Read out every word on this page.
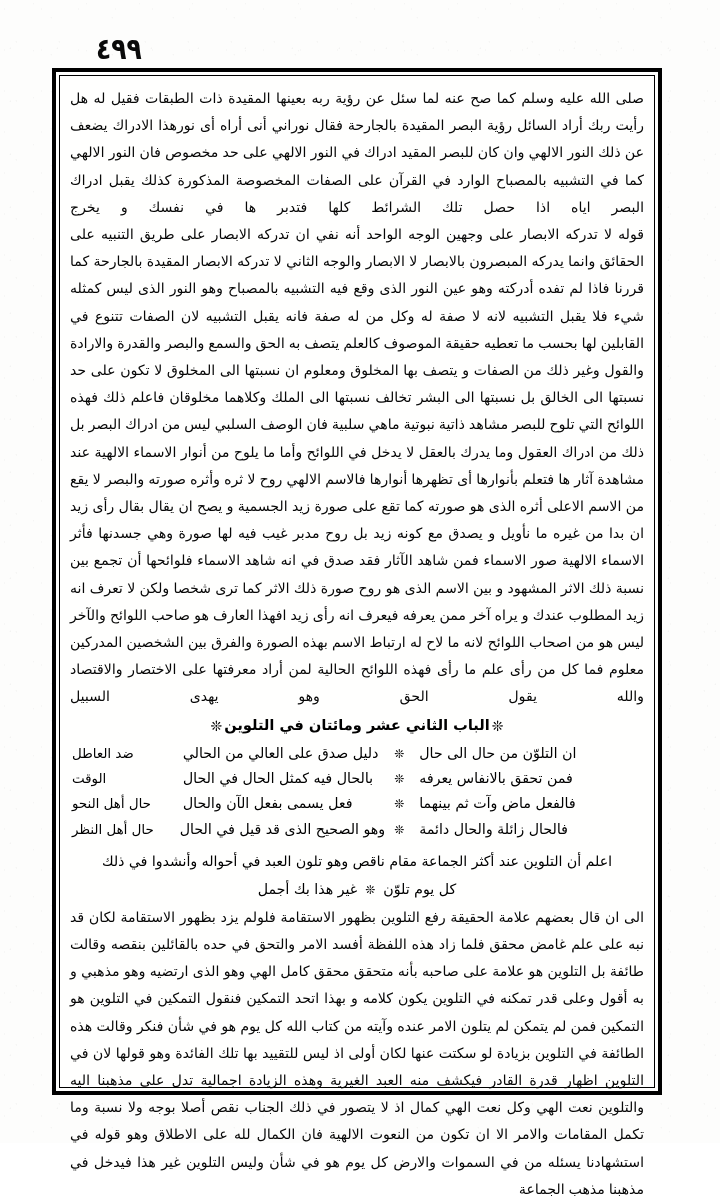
٤٩٩

صلى الله عليه وسلم كما صح عنه لما سئل عن رؤية ربه بعينها المقيدة ذات الطبقات فقيل له هل رأيت ربك أراد السائل رؤية البصر المقيدة بالجارحة فقال نوراني أنى أراه أى نورهذا الادراك يضعف عن ذلك النور الالهي وان كان للبصر المقيد ادراك في النور الالهي على حد مخصوص فان النور الالهي كما في التشبيه بالمصباح الوارد في القرآن على الصفات المخصوصة المذكورة كذلك يقبل ادراك البصر اياه اذا حصل تلك الشرائط كلها فتدبر ها في نفسك و يخرج

قوله لا تدركه الابصار على وجهين الوجه الواحد أنه نفي ان تدركه الابصار على طريق التنبيه على الحقائق وانما يدركه المبصرون بالابصار لا الابصار والوجه الثاني لا تدركه الابصار المقيدة بالجارحة كما قررنا فاذا لم تفده أدركته وهو عين النور الذى وقع فيه التشبيه بالمصباح وهو النور الذى ليس كمثله شيء فلا يقبل التشبيه لانه لا صفة له وكل من له صفة فانه يقبل التشبيه لان الصفات تتنوع في القابلين لها بحسب ما تعطيه حقيقة الموصوف كالعلم يتصف به الحق والسمع والبصر والقدرة والارادة والقول وغير ذلك من الصفات و يتصف بها المخلوق ومعلوم ان نسبتها الى المخلوق لا تكون على حد نسبتها الى الخالق بل نسبتها الى البشر تخالف نسبتها الى الملك وكلاهما مخلوقان فاعلم ذلك فهذه اللوائح التي تلوح للبصر مشاهد ذاتية نبوتية ماهي سلبية فان الوصف السلبي ليس من ادراك البصر بل ذلك من ادراك العقول وما يدرك بالعقل لا يدخل في اللوائح وأما ما يلوح من أنوار الاسماء الالهية عند مشاهدة آثار ها فتعلم بأنوارها أى تظهرها أنوارها فالاسم الالهي روح لا ثره وأثره صورته والبصر لا يقع من الاسم الاعلى أثره الذى هو صورته كما تقع على صورة زيد الجسمية و يصح ان يقال بقال رأى زيد ان بدا من غيره ما نأويل و يصدق مع كونه زيد بل روح مدبر غيب فيه لها صورة وهي جسدنها فأثر الاسماء الالهية صور الاسماء فمن شاهد الآثار فقد صدق في انه شاهد الاسماء فلوائحها أن تجمع بين نسبة ذلك الاثر المشهود و بين الاسم الذى هو روح صورة ذلك الاثر كما ترى شخصا ولكن لا تعرف انه زيد المطلوب عندك و يراه آخر ممن يعرفه فيعرف انه رأى زيد افهذا العارف هو صاحب اللوائح والآخر ليس هو من اصحاب اللوائح لانه ما لاح له ارتباط الاسم بهذه الصورة والفرق بين الشخصين المدركين معلوم فما كل من رأى علم ما رأى فهذه اللوائح الحالية لمن أراد معرفتها على الاختصار والاقتصاد والله يقول الحق وهو يهدى السبيل

❊الباب الثاني عشر ومائتان في التلوين❊
	ان التلوّن من حال الى حال	❊	دليل صدق على العالي من الحالي	ضد العاطل
	فمن تحقق بالانفاس يعرفه	❊	بالحال فيه كمثل الحال في الحال	الوقت
	فالفعل ماض وآت ثم بينهما	❊	فعل يسمى بفعل الآن والحال	حال أهل النحو
	فالحال زائلة والحال دائمة	❊	وهو الصحيح الذى قد قيل في الحال	حال أهل النظر
اعلم أن التلوين عند أكثر الجماعة مقام ناقص وهو تلون العبد في أحواله وأنشدوا في ذلك
كل يوم تلوّن❊غير هذا بك أجمل

الى ان قال بعضهم علامة الحقيقة رفع التلوين بظهور الاستقامة فلولم يزد بظهور الاستقامة لكان قد نبه على علم غامض محقق فلما زاد هذه اللفظة أفسد الامر والتحق في حده بالقائلين بنقصه وقالت طائفة بل التلوين هو علامة على صاحبه بأنه متحقق محقق كامل الهي وهو الذى ارتضيه وهو مذهبي و به أقول وعلى قدر تمكنه في التلوين يكون كلامه و بهذا اتحد التمكين فنقول التمكين في التلوين هو التمكين فمن لم يتمكن لم يتلون الامر عنده وآيته من كتاب الله كل يوم هو في شأن فنكر وقالت هذه الطائفة في التلوين بزيادة لو سكتت عنها لكان أولى اذ ليس للتقييد بها تلك الفائدة وهو قولها لان في التلوين اظهار قدرة القادر فيكشف منه العبد الغيرية وهذه الزيادة اجمالية تدل على مذهبنا اليه والتلوين نعت الهي وكل نعت الهي كمال اذ لا يتصور في ذلك الجناب نقص أصلا بوجه ولا نسبة وما تكمل المقامات والامر الا ان تكون من النعوت الالهية فان الكمال لله على الاطلاق وهو قوله في استشهادنا يسئله من في السموات والارض كل يوم هو في شأن وليس التلوين غير هذا فيدخل في مذهبنا مذهب الجماعة
